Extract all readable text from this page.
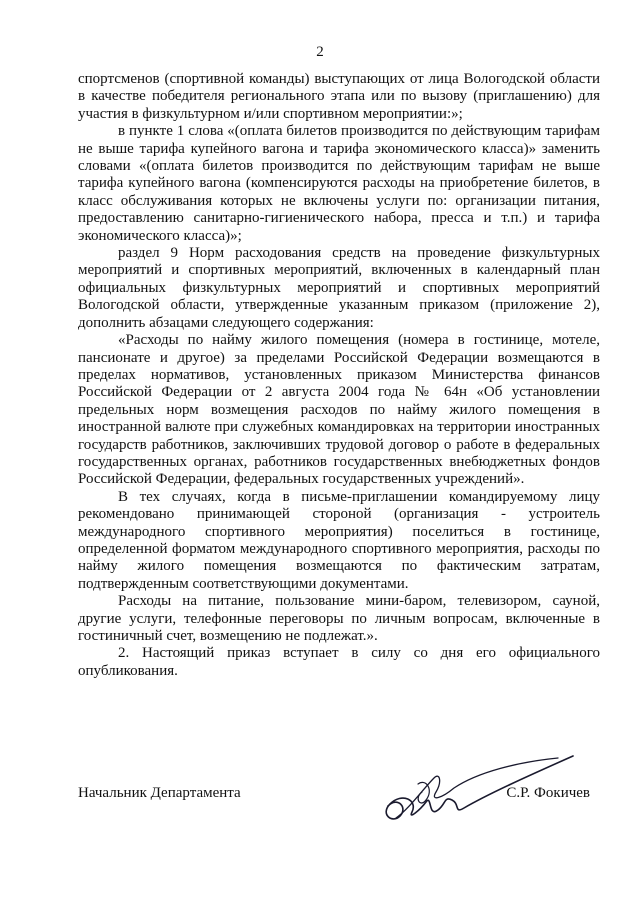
2

спортсменов (спортивной команды) выступающих от лица Вологодской области в качестве победителя регионального этапа или по вызову (приглашению) для участия в физкультурном и/или спортивном мероприятии:»;

в пункте 1 слова «(оплата билетов производится по действующим тарифам не выше тарифа купейного вагона и тарифа экономического класса)» заменить словами «(оплата билетов производится по действующим тарифам не выше тарифа купейного вагона (компенсируются расходы на приобретение билетов, в класс обслуживания которых не включены услуги по: организации питания, предоставлению санитарно-гигиенического набора, прессa и т.п.) и тарифа экономического класса)»;

раздел 9 Норм расходования средств на проведение физкультурных мероприятий и спортивных мероприятий, включенных в календарный план официальных физкультурных мероприятий и спортивных мероприятий Вологодской области, утвержденные указанным приказом (приложение 2), дополнить абзацами следующего содержания:

«Расходы по найму жилого помещения (номера в гостинице, мотеле, пансионате и другое) за пределами Российской Федерации возмещаются в пределах нормативов, установленных приказом Министерства финансов Российской Федерации от 2 августа 2004 года № 64н «Об установлении предельных норм возмещения расходов по найму жилого помещения в иностранной валюте при служебных командировках на территории иностранных государств работников, заключивших трудовой договор о работе в федеральных государственных органах, работников государственных внебюджетных фондов Российской Федерации, федеральных государственных учреждений».

В тех случаях, когда в письме-приглашении командируемому лицу рекомендовано принимающей стороной (организация - устроитель международного спортивного мероприятия) поселиться в гостинице, определенной форматом международного спортивного мероприятия, расходы по найму жилого помещения возмещаются по фактическим затратам, подтвержденным соответствующими документами.

Расходы на питание, пользование мини-баром, телевизором, сауной, другие услуги, телефонные переговоры по личным вопросам, включенные в гостиничный счет, возмещению не подлежат.».

2. Настоящий приказ вступает в силу со дня его официального опубликования.

Начальник Департамента	С.Р. Фокичев
